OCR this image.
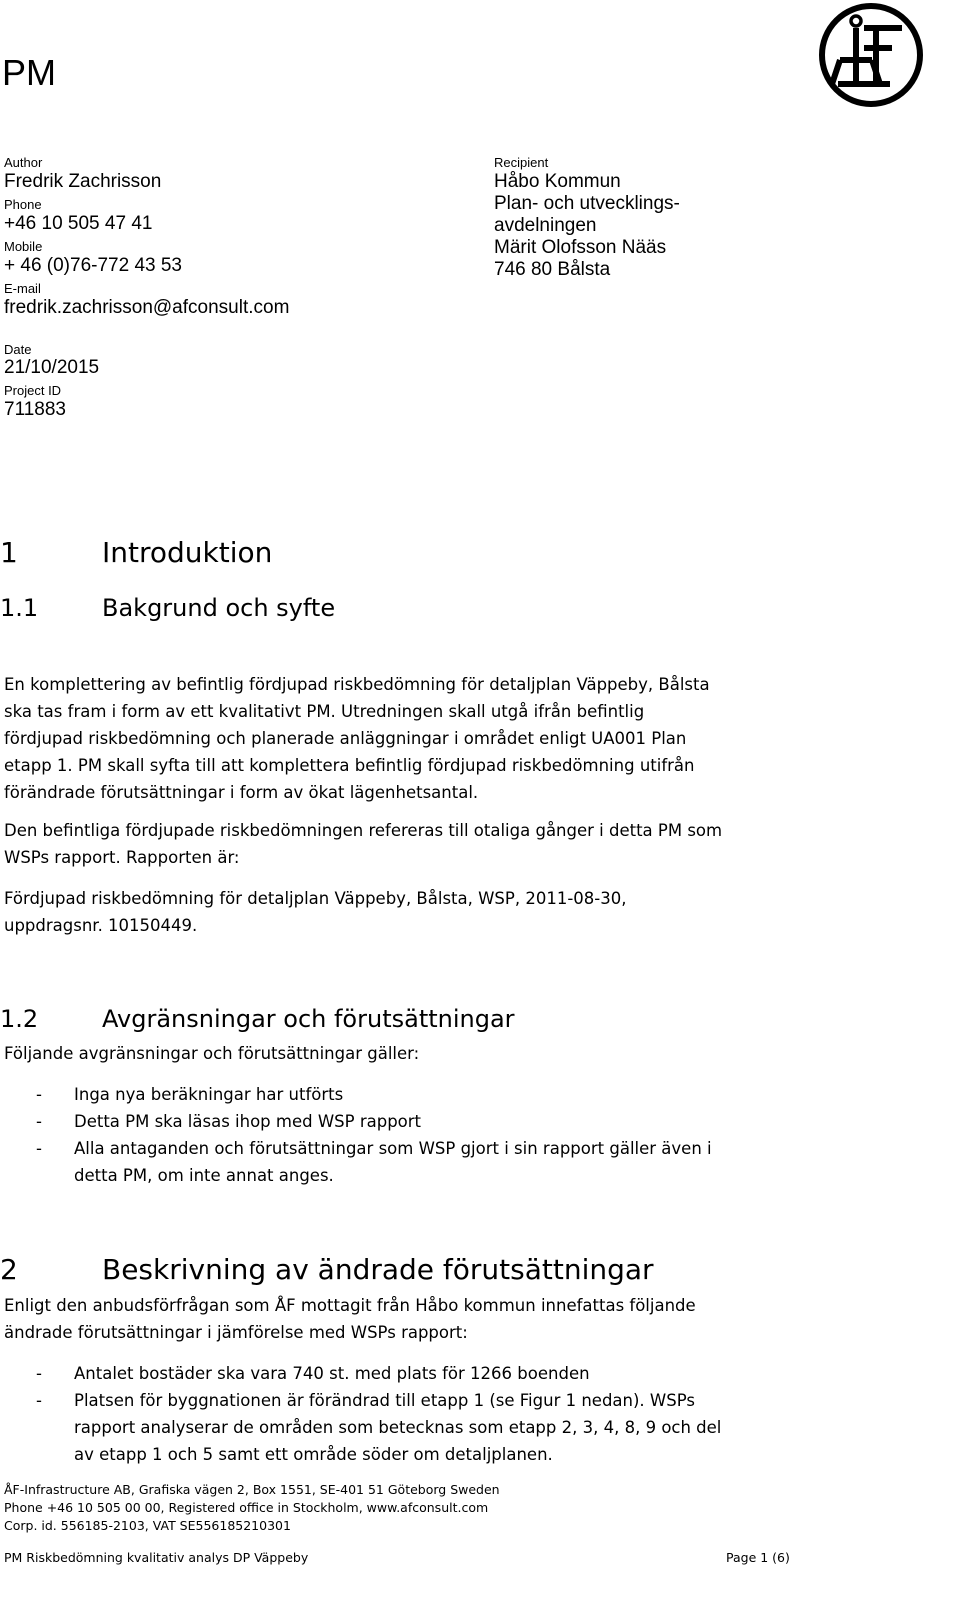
PM
Author
Fredrik Zachrisson
Phone
+46 10 505 47 41
Mobile
+ 46 (0)76-772 43 53
E-mail
fredrik.zachrisson@afconsult.com
Recipient
Håbo Kommun
Plan- och utvecklings-
avdelningen
Märit Olofsson Nääs
746 80 Bålsta
Date
21/10/2015
Project ID
711883
1	Introduktion
1.1	Bakgrund och syfte
En komplettering av befintlig fördjupad riskbedömning för detaljplan Väppeby, Bålsta
ska tas fram i form av ett kvalitativt PM. Utredningen skall utgå ifrån befintlig
fördjupad riskbedömning och planerade anläggningar i området enligt UA001 Plan
etapp 1. PM skall syfta till att komplettera befintlig fördjupad riskbedömning utifrån
förändrade förutsättningar i form av ökat lägenhetsantal.
Den befintliga fördjupade riskbedömningen refereras till otaliga gånger i detta PM som
WSPs rapport. Rapporten är:
Fördjupad riskbedömning för detaljplan Väppeby, Bålsta, WSP, 2011-08-30,
uppdragsnr. 10150449.
1.2	Avgränsningar och förutsättningar
Följande avgränsningar och förutsättningar gäller:
- Inga nya beräkningar har utförts
- Detta PM ska läsas ihop med WSP rapport
- Alla antaganden och förutsättningar som WSP gjort i sin rapport gäller även i
detta PM, om inte annat anges.
2	Beskrivning av ändrade förutsättningar
Enligt den anbudsförfrågan som ÅF mottagit från Håbo kommun innefattas följande
ändrade förutsättningar i jämförelse med WSPs rapport:
- Antalet bostäder ska vara 740 st. med plats för 1266 boenden
- Platsen för byggnationen är förändrad till etapp 1 (se Figur 1 nedan). WSPs
rapport analyserar de områden som betecknas som etapp 2, 3, 4, 8, 9 och del
av etapp 1 och 5 samt ett område söder om detaljplanen.
ÅF-Infrastructure AB, Grafiska vägen 2, Box 1551, SE-401 51 Göteborg Sweden
Phone +46 10 505 00 00, Registered office in Stockholm, www.afconsult.com
Corp. id. 556185-2103, VAT SE556185210301
PM Riskbedömning kvalitativ analys DP Väppeby	Page 1 (6)
